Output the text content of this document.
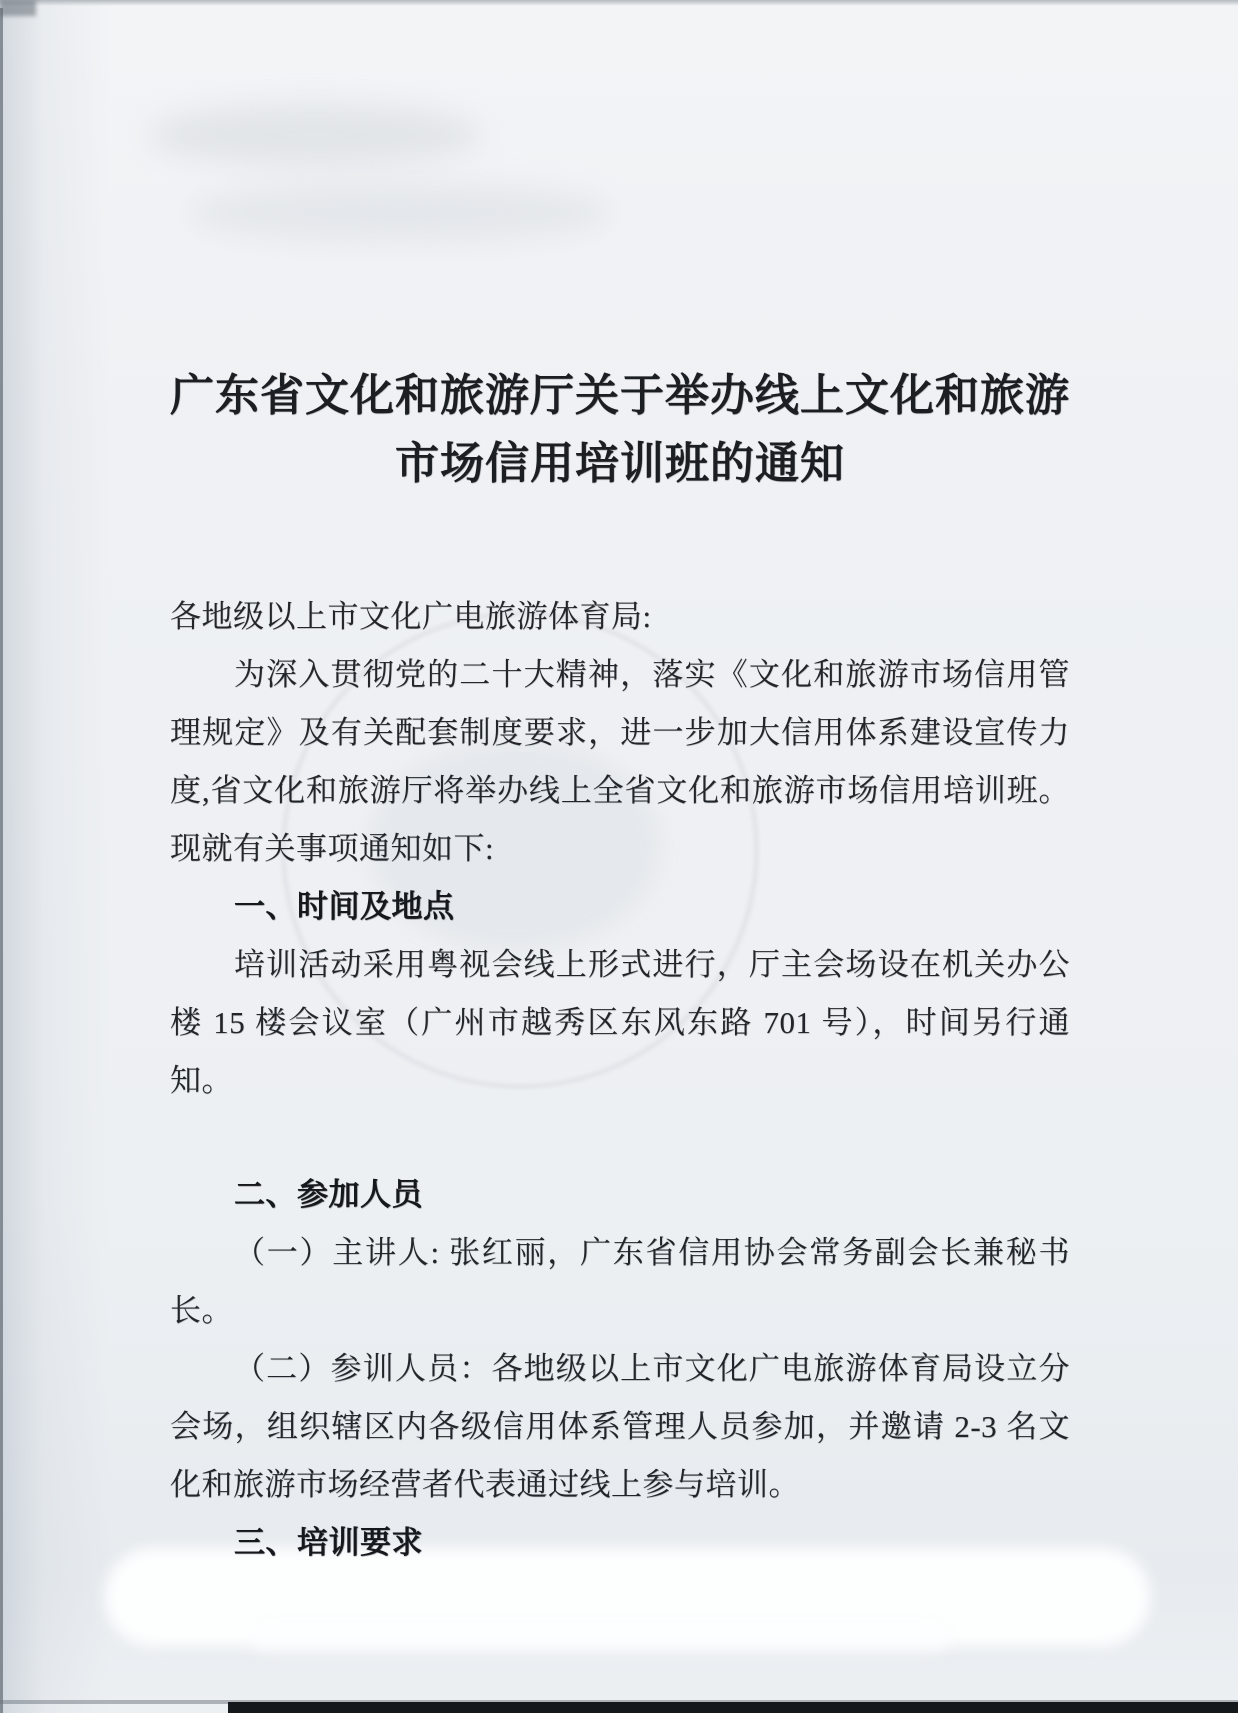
广东省文化和旅游厅关于举办线上文化和旅游
市场信用培训班的通知
各地级以上市文化广电旅游体育局:
为深入贯彻党的二十大精神，落实《文化和旅游市场信用管
理规定》及有关配套制度要求，进一步加大信用体系建设宣传力
度,省文化和旅游厅将举办线上全省文化和旅游市场信用培训班。
现就有关事项通知如下:
一、时间及地点
培训活动采用粤视会线上形式进行，厅主会场设在机关办公
楼 15 楼会议室（广州市越秀区东风东路 701 号），时间另行通
知。
二、参加人员
（一）主讲人: 张红丽，广东省信用协会常务副会长兼秘书
长。
（二）参训人员：各地级以上市文化广电旅游体育局设立分
会场，组织辖区内各级信用体系管理人员参加，并邀请 2-3 名文
化和旅游市场经营者代表通过线上参与培训。
三、培训要求
